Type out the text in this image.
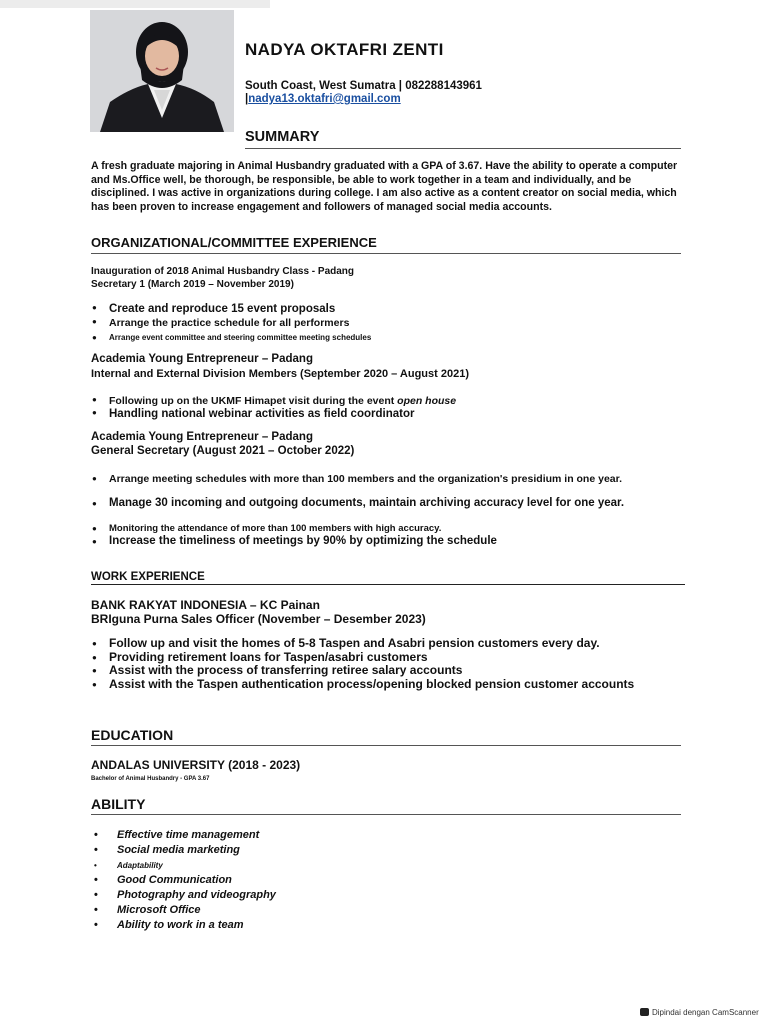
NADYA OKTAFRI ZENTI
South Coast, West Sumatra | 082288143961
|nadya13.oktafri@gmail.com
SUMMARY
A fresh graduate majoring in Animal Husbandry graduated with a GPA of 3.67. Have the ability to operate a computer and Ms.Office well, be thorough, be responsible, be able to work together in a team and individually, and be disciplined. I was active in organizations during college. I am also active as a content creator on social media, which has been proven to increase engagement and followers of managed social media accounts.
ORGANIZATIONAL/COMMITTEE EXPERIENCE
Inauguration of 2018 Animal Husbandry Class - Padang
Secretary 1 (March 2019 – November 2019)
● Create and reproduce 15 event proposals
● Arrange the practice schedule for all performers
● Arrange event committee and steering committee meeting schedules
Academia Young Entrepreneur – Padang
Internal and External Division Members (September 2020 – August 2021)
● Following up on the UKMF Himapet visit during the event open house
● Handling national webinar activities as field coordinator
Academia Young Entrepreneur – Padang
General Secretary (August 2021 – October 2022)
● Arrange meeting schedules with more than 100 members and the organization's presidium in one year.
● Manage 30 incoming and outgoing documents, maintain archiving accuracy level for one year.
● Monitoring the attendance of more than 100 members with high accuracy.
● Increase the timeliness of meetings by 90% by optimizing the schedule
WORK EXPERIENCE
BANK RAKYAT INDONESIA – KC Painan
BRIguna Purna Sales Officer (November – Desember 2023)
● Follow up and visit the homes of 5-8 Taspen and Asabri pension customers every day.
● Providing retirement loans for Taspen/asabri customers
● Assist with the process of transferring retiree salary accounts
● Assist with the Taspen authentication process/opening blocked pension customer accounts
EDUCATION
ANDALAS UNIVERSITY (2018 - 2023)
Bachelor of Animal Husbandry - GPA 3.67
ABILITY
• Effective time management
• Social media marketing
• Adaptability
• Good Communication
• Photography and videography
• Microsoft Office
• Ability to work in a team
Dipindai dengan CamScanner
